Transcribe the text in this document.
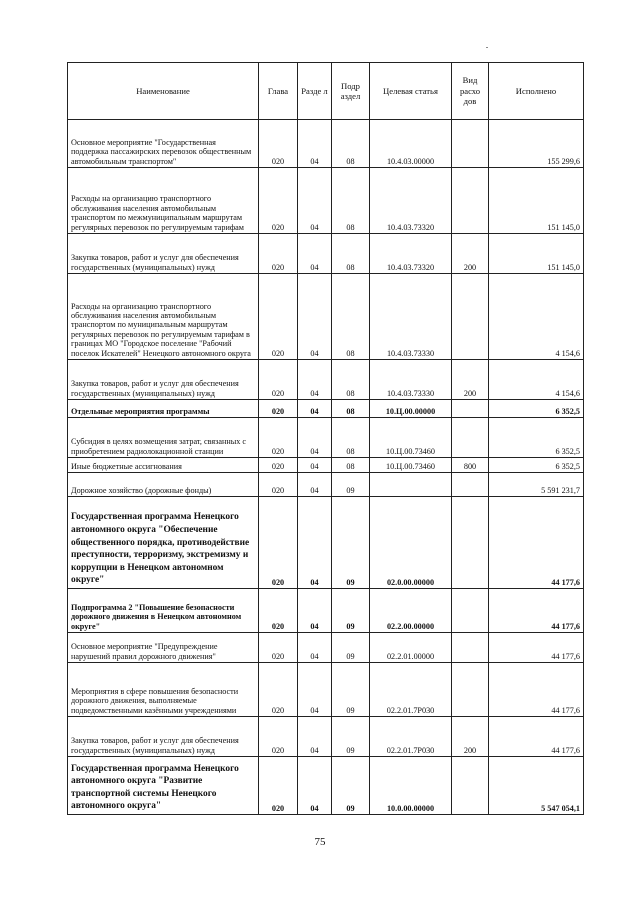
Наименование	Глава	Разде л	Подр аздел	Целевая статья	Вид расхо дов	Исполнено
Основное мероприятие "Государственная поддержка пассажирских перевозок общественным автомобильным транспортом"	020	04	08	10.4.03.00000		155 299,6
Расходы на организацию транспортного обслуживания населения автомобильным транспортом по межмуниципальным маршрутам регулярных перевозок по регулируемым тарифам	020	04	08	10.4.03.73320		151 145,0
Закупка товаров, работ и услуг для обеспечения государственных (муниципальных) нужд	020	04	08	10.4.03.73320	200	151 145,0
Расходы на организацию транспортного обслуживания населения автомобильным транспортом по муниципальным маршрутам регулярных перевозок по регулируемым тарифам в границах МО "Городское поселение "Рабочий поселок Искателей" Ненецкого автономного округа	020	04	08	10.4.03.73330		4 154,6
Закупка товаров, работ и услуг для обеспечения государственных (муниципальных) нужд	020	04	08	10.4.03.73330	200	4 154,6
Отдельные мероприятия программы	020	04	08	10.Ц.00.00000		6 352,5
Субсидия в целях возмещения затрат, связанных с приобретением радиолокационной станции	020	04	08	10.Ц.00.73460		6 352,5
Иные бюджетные ассигнования	020	04	08	10.Ц.00.73460	800	6 352,5
Дорожное хозяйство (дорожные фонды)	020	04	09			5 591 231,7
Государственная программа Ненецкого автономного округа "Обеспечение общественного порядка, противодействие преступности, терроризму, экстремизму и коррупции в Ненецком автономном округе"	020	04	09	02.0.00.00000		44 177,6
Подпрограмма 2 "Повышение безопасности дорожного движения в Ненецком автономном округе"	020	04	09	02.2.00.00000		44 177,6
Основное мероприятие "Предупреждение нарушений правил дорожного движения"	020	04	09	02.2.01.00000		44 177,6
Мероприятия в сфере повышения безопасности дорожного движения, выполняемые подведомственными казёнными учреждениями	020	04	09	02.2.01.7Р030		44 177,6
Закупка товаров, работ и услуг для обеспечения государственных (муниципальных) нужд	020	04	09	02.2.01.7Р030	200	44 177,6
Государственная программа Ненецкого автономного округа "Развитие транспортной системы Ненецкого автономного округа"	020	04	09	10.0.00.00000		5 547 054,1
75
